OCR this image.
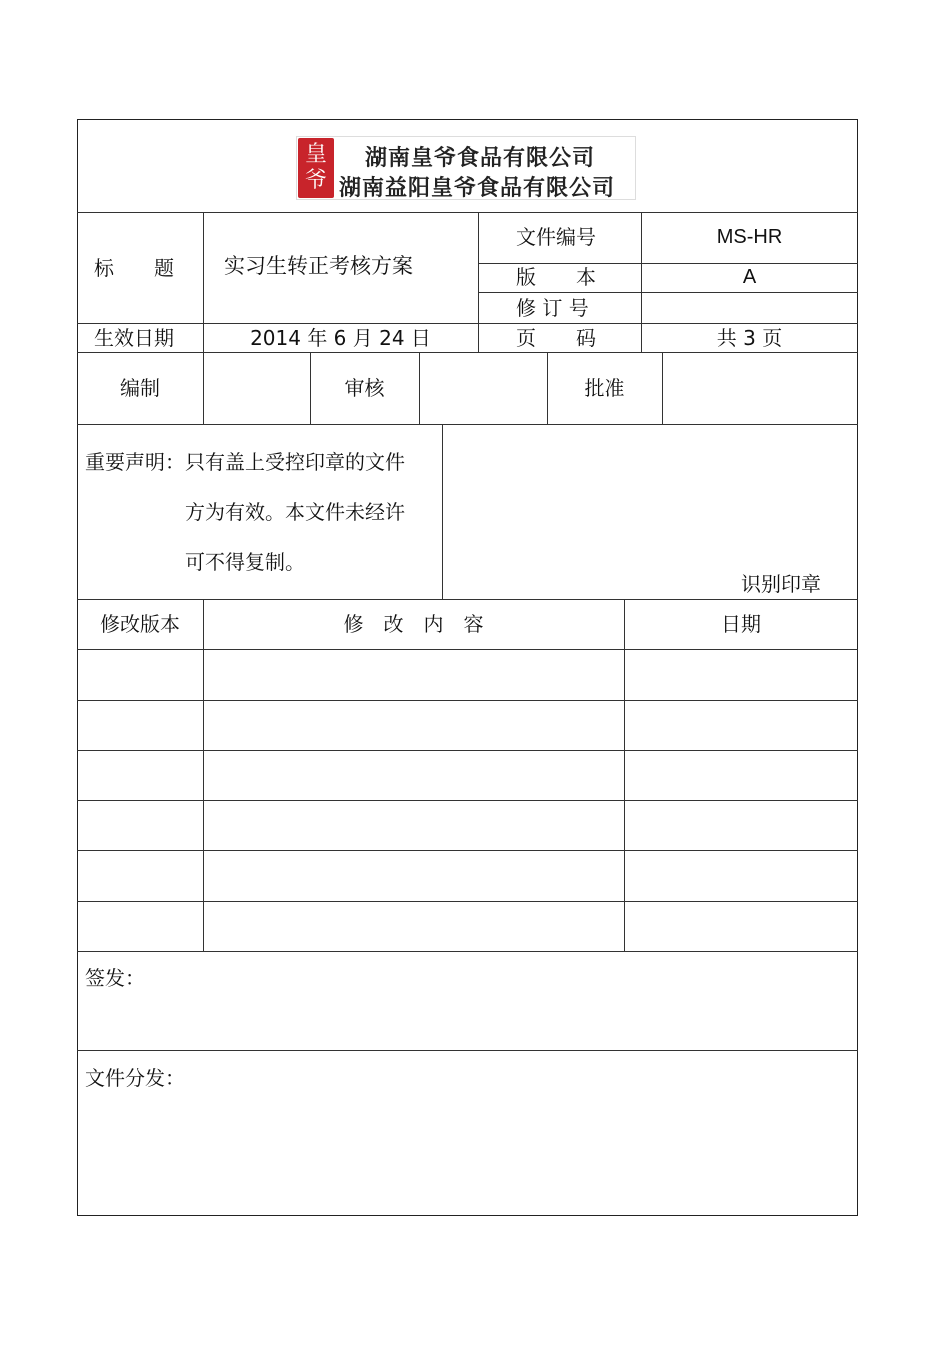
皇
爷
湖南皇爷食品有限公司
湖南益阳皇爷食品有限公司
标　　题 实习生转正考核方案
文件编号	MS-HR
版　　本	A
修 订 号
生效日期	2014 年 6 月 24 日	页　　码	共 3 页
编制	审核	批准
重要声明：只有盖上受控印章的文件
方为有效。本文件未经许
可不得复制。
识别印章
修改版本	修　改　内　容	日期
签发：
文件分发：
